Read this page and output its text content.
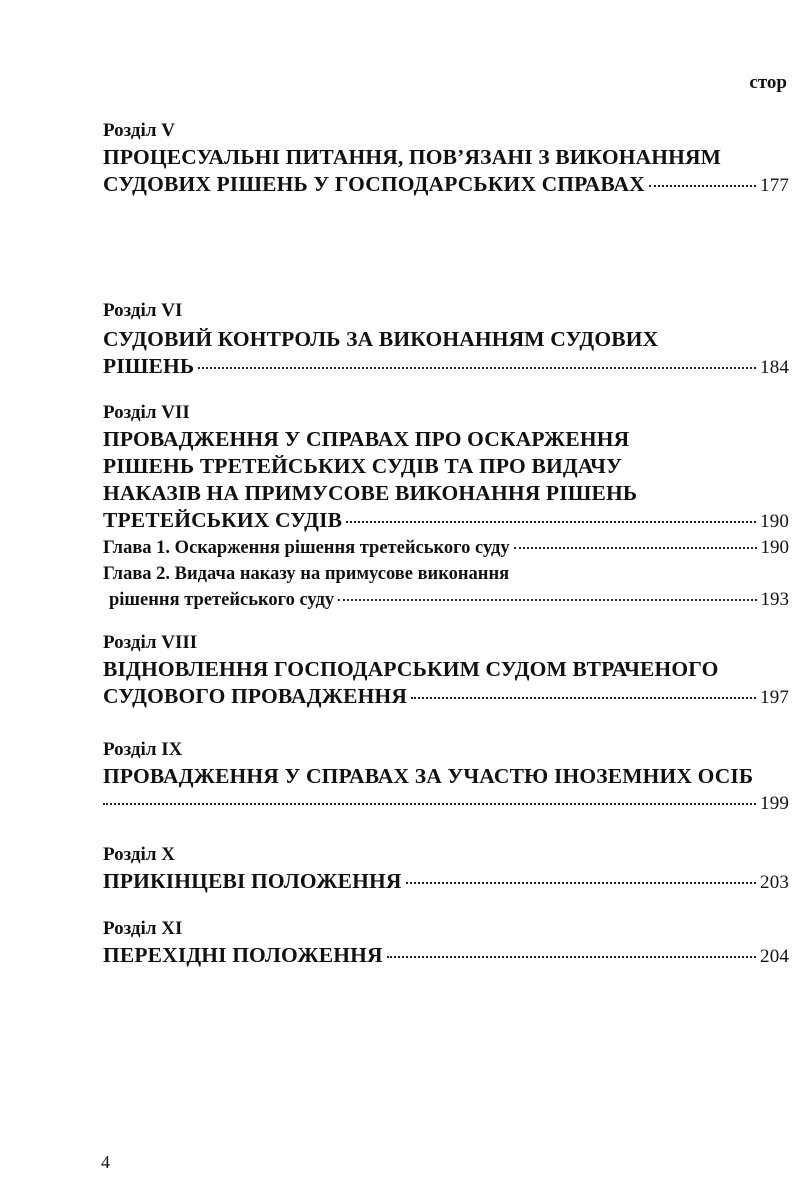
стор
Розділ V
ПРОЦЕСУАЛЬНІ ПИТАННЯ, ПОВ’ЯЗАНІ З ВИКОНАННЯМ
СУДОВИХ РІШЕНЬ У ГОСПОДАРСЬКИХ СПРАВАХ	177
Розділ VI
СУДОВИЙ КОНТРОЛЬ ЗА ВИКОНАННЯМ СУДОВИХ
РІШЕНЬ	184
Розділ VII
ПРОВАДЖЕННЯ У СПРАВАХ ПРО ОСКАРЖЕННЯ
РІШЕНЬ ТРЕТЕЙСЬКИХ СУДІВ ТА ПРО ВИДАЧУ
НАКАЗІВ НА ПРИМУСОВЕ ВИКОНАННЯ РІШЕНЬ
ТРЕТЕЙСЬКИХ СУДІВ	190
Глава 1. Оскарження рішення третейського суду	190
Глава 2. Видача наказу на примусове виконання
рішення третейського суду	193
Розділ VIII
ВІДНОВЛЕННЯ ГОСПОДАРСЬКИМ СУДОМ ВТРАЧЕНОГО
СУДОВОГО ПРОВАДЖЕННЯ	197
Розділ IX
ПРОВАДЖЕННЯ У СПРАВАХ ЗА УЧАСТЮ ІНОЗЕМНИХ ОСІБ
199
Розділ X
ПРИКІНЦЕВІ ПОЛОЖЕННЯ	203
Розділ XI
ПЕРЕХІДНІ ПОЛОЖЕННЯ	204
4
